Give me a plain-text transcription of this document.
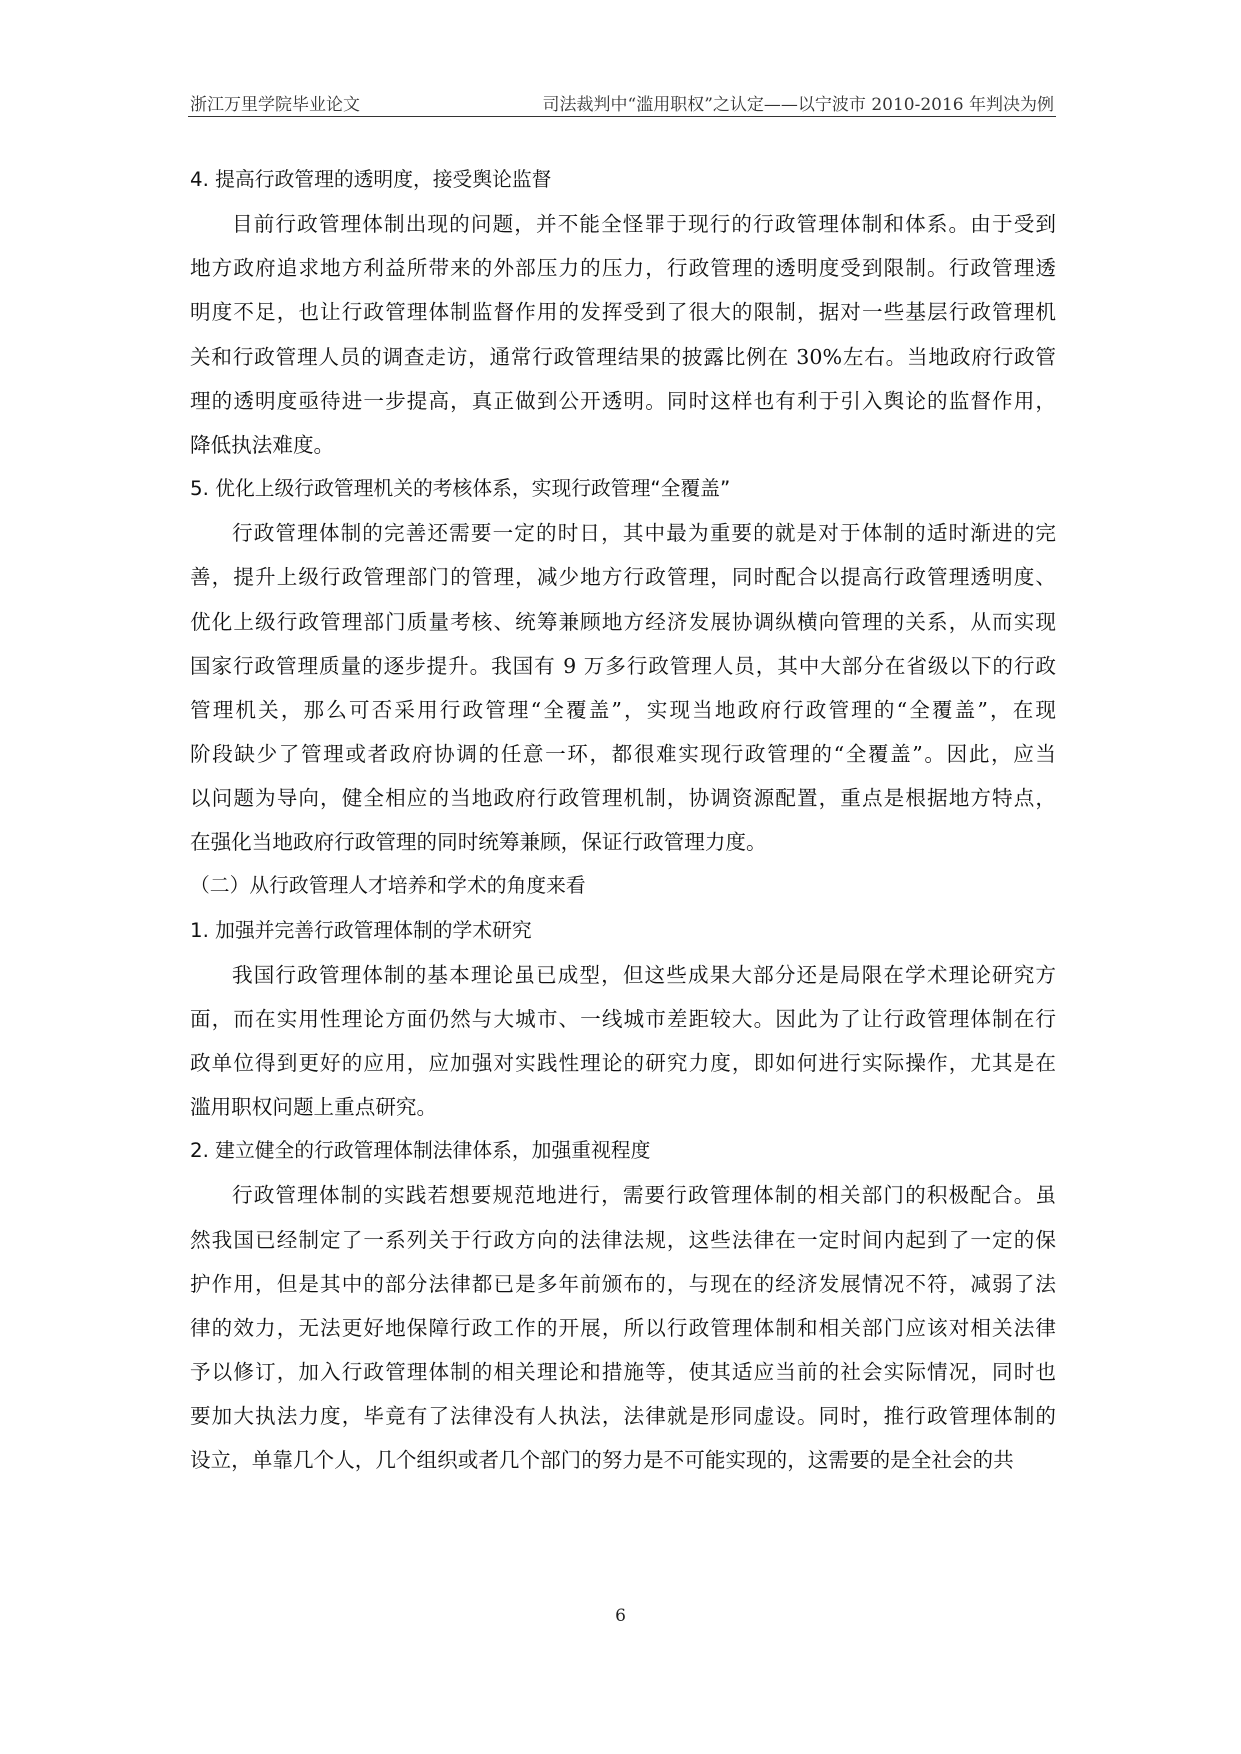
浙江万里学院毕业论文	司法裁判中“滥用职权”之认定——以宁波市 2010-2016 年判决为例
4. 提高行政管理的透明度，接受舆论监督
目前行政管理体制出现的问题，并不能全怪罪于现行的行政管理体制和体系。由于受到
地方政府追求地方利益所带来的外部压力的压力，行政管理的透明度受到限制。行政管理透
明度不足，也让行政管理体制监督作用的发挥受到了很大的限制，据对一些基层行政管理机
关和行政管理人员的调查走访，通常行政管理结果的披露比例在 30%左右。当地政府行政管
理的透明度亟待进一步提高，真正做到公开透明。同时这样也有利于引入舆论的监督作用，
降低执法难度。
5. 优化上级行政管理机关的考核体系，实现行政管理“全覆盖”
行政管理体制的完善还需要一定的时日，其中最为重要的就是对于体制的适时渐进的完
善，提升上级行政管理部门的管理，减少地方行政管理，同时配合以提高行政管理透明度、
优化上级行政管理部门质量考核、统筹兼顾地方经济发展协调纵横向管理的关系，从而实现
国家行政管理质量的逐步提升。我国有 9 万多行政管理人员，其中大部分在省级以下的行政
管理机关，那么可否采用行政管理“全覆盖”，实现当地政府行政管理的“全覆盖”，在现
阶段缺少了管理或者政府协调的任意一环，都很难实现行政管理的“全覆盖”。因此，应当
以问题为导向，健全相应的当地政府行政管理机制，协调资源配置，重点是根据地方特点，
在强化当地政府行政管理的同时统筹兼顾，保证行政管理力度。
（二）从行政管理人才培养和学术的角度来看
1. 加强并完善行政管理体制的学术研究
我国行政管理体制的基本理论虽已成型，但这些成果大部分还是局限在学术理论研究方
面，而在实用性理论方面仍然与大城市、一线城市差距较大。因此为了让行政管理体制在行
政单位得到更好的应用，应加强对实践性理论的研究力度，即如何进行实际操作，尤其是在
滥用职权问题上重点研究。
2. 建立健全的行政管理体制法律体系，加强重视程度
行政管理体制的实践若想要规范地进行，需要行政管理体制的相关部门的积极配合。虽
然我国已经制定了一系列关于行政方向的法律法规，这些法律在一定时间内起到了一定的保
护作用，但是其中的部分法律都已是多年前颁布的，与现在的经济发展情况不符，减弱了法
律的效力，无法更好地保障行政工作的开展，所以行政管理体制和相关部门应该对相关法律
予以修订，加入行政管理体制的相关理论和措施等，使其适应当前的社会实际情况，同时也
要加大执法力度，毕竟有了法律没有人执法，法律就是形同虚设。同时，推行政管理体制的
设立，单靠几个人，几个组织或者几个部门的努力是不可能实现的，这需要的是全社会的共
6
